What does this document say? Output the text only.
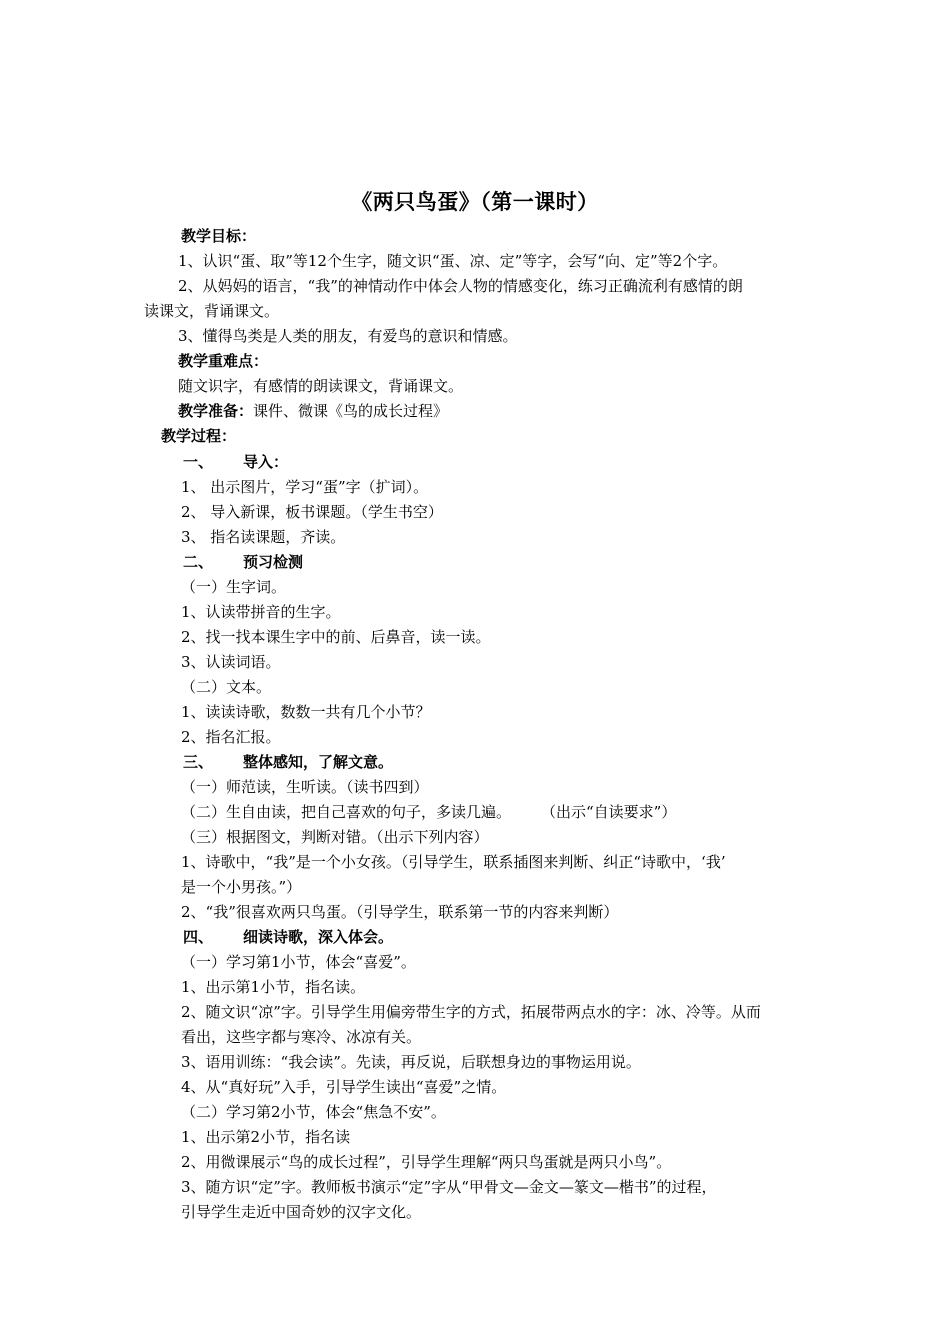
《两只鸟蛋》（第一课时）
教学目标：
1、认识“蛋、取”等12个生字，随文识“蛋、凉、定”等字，会写“向、定”等2个字。
2、从妈妈的语言，“我”的神情动作中体会人物的情感变化，练习正确流利有感情的朗
读课文，背诵课文。
3、懂得鸟类是人类的朋友，有爱鸟的意识和情感。
教学重难点：
随文识字，有感情的朗读课文，背诵课文。
教学准备：课件、微课《鸟的成长过程》
教学过程：
一、 导入：
1、 出示图片，学习“蛋”字（扩词）。
2、 导入新课，板书课题。（学生书空）
3、 指名读课题，齐读。
二、 预习检测
（一）生字词。
1、认读带拼音的生字。
2、找一找本课生字中的前、后鼻音，读一读。
3、认读词语。
（二）文本。
1、读读诗歌，数数一共有几个小节？
2、指名汇报。
三、 整体感知，了解文意。
（一）师范读，生听读。（读书四到）
（二）生自由读，把自己喜欢的句子，多读几遍。 （出示“自读要求”）
（三）根据图文，判断对错。（出示下列内容）
1、诗歌中，“我”是一个小女孩。（引导学生，联系插图来判断、纠正“诗歌中，‘我’
是一个小男孩。”）
2、“我”很喜欢两只鸟蛋。（引导学生，联系第一节的内容来判断）
四、 细读诗歌，深入体会。
（一）学习第1小节，体会“喜爱”。
1、出示第1小节，指名读。
2、随文识“凉”字。引导学生用偏旁带生字的方式，拓展带两点水的字：冰、冷等。从而
看出，这些字都与寒冷、冰凉有关。
3、语用训练：“我会读”。先读，再反说，后联想身边的事物运用说。
4、从“真好玩”入手，引导学生读出“喜爱”之情。
（二）学习第2小节，体会“焦急不安”。
1、出示第2小节，指名读
2、用微课展示“鸟的成长过程”，引导学生理解“两只鸟蛋就是两只小鸟”。
3、随方识“定”字。教师板书演示“定”字从“甲骨文—金文—篆文—楷书”的过程，
引导学生走近中国奇妙的汉字文化。
